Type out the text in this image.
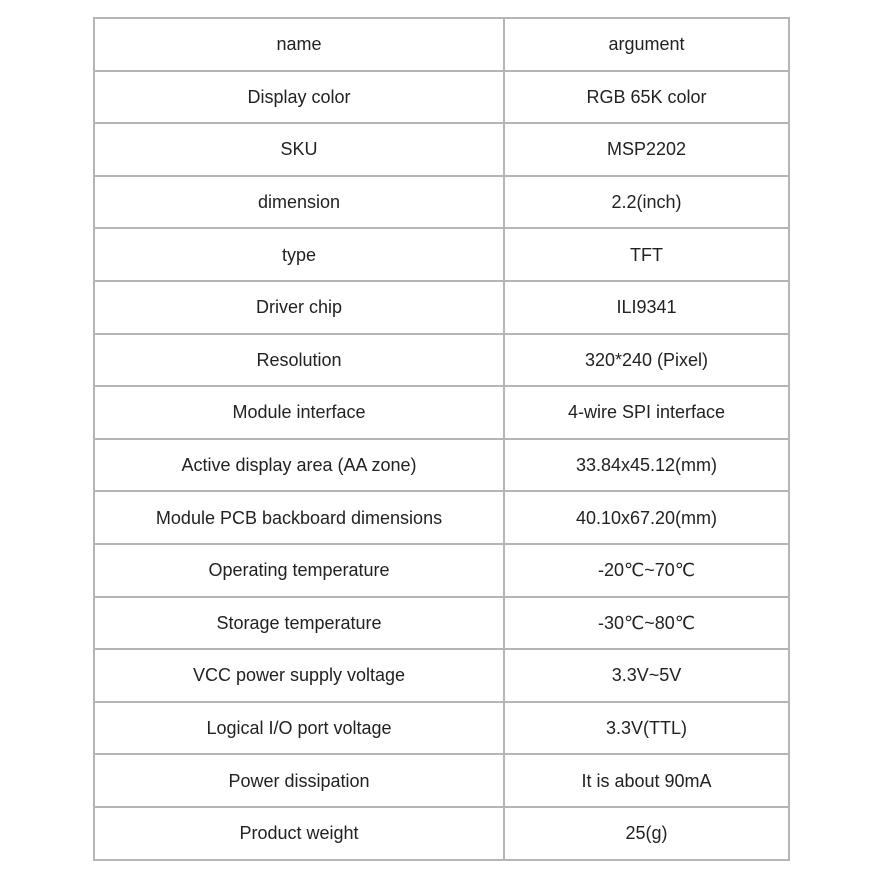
name	argument
Display color	RGB 65K color
SKU	MSP2202
dimension	2.2(inch)
type	TFT
Driver chip	ILI9341
Resolution	320*240 (Pixel)
Module interface	4-wire SPI interface
Active display area (AA zone)	33.84x45.12(mm)
Module PCB backboard dimensions	40.10x67.20(mm)
Operating temperature	-20℃~70℃
Storage temperature	-30℃~80℃
VCC power supply voltage	3.3V~5V
Logical I/O port voltage	3.3V(TTL)
Power dissipation	It is about 90mA
Product weight	25(g)
